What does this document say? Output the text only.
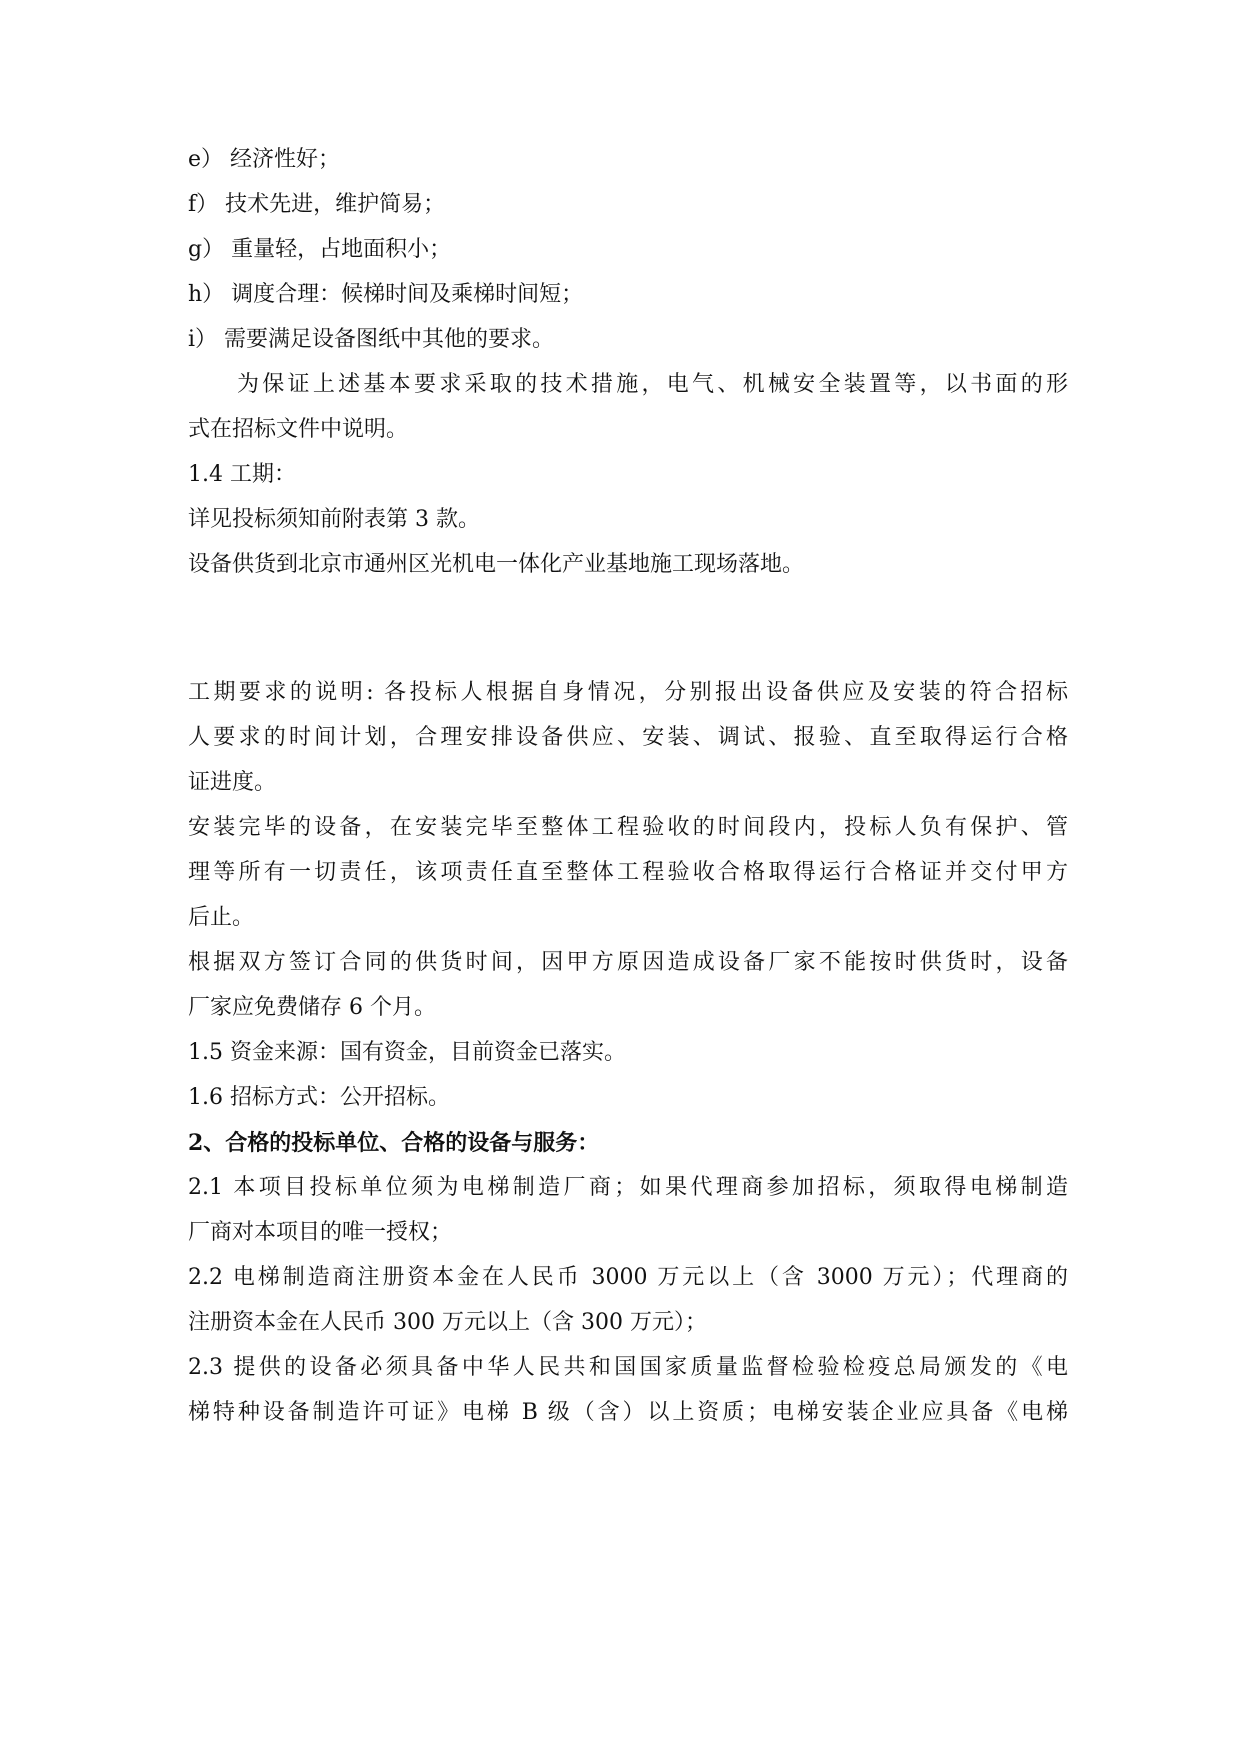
e） 经济性好；
f） 技术先进，维护简易；
g） 重量轻，占地面积小；
h） 调度合理：候梯时间及乘梯时间短；
i） 需要满足设备图纸中其他的要求。
为保证上述基本要求采取的技术措施，电气、机械安全装置等，以书面的形
式在招标文件中说明。
1.4 工期：
详见投标须知前附表第 3 款。
设备供货到北京市通州区光机电一体化产业基地施工现场落地。
工期要求的说明: 各投标人根据自身情况，分别报出设备供应及安装的符合招标
人要求的时间计划，合理安排设备供应、安装、调试、报验、直至取得运行合格
证进度。
安装完毕的设备，在安装完毕至整体工程验收的时间段内，投标人负有保护、管
理等所有一切责任，该项责任直至整体工程验收合格取得运行合格证并交付甲方
后止。
根据双方签订合同的供货时间，因甲方原因造成设备厂家不能按时供货时，设备
厂家应免费储存 6 个月。
1.5 资金来源：国有资金，目前资金已落实。
1.6 招标方式：公开招标。
2、合格的投标单位、合格的设备与服务：
2.1 本项目投标单位须为电梯制造厂商；如果代理商参加招标，须取得电梯制造
厂商对本项目的唯一授权；
2.2 电梯制造商注册资本金在人民币 3000 万元以上（含 3000 万元）；代理商的
注册资本金在人民币 300 万元以上（含 300 万元）；
2.3 提供的设备必须具备中华人民共和国国家质量监督检验检疫总局颁发的《电
梯特种设备制造许可证》电梯 B 级（含）以上资质；电梯安装企业应具备《电梯
